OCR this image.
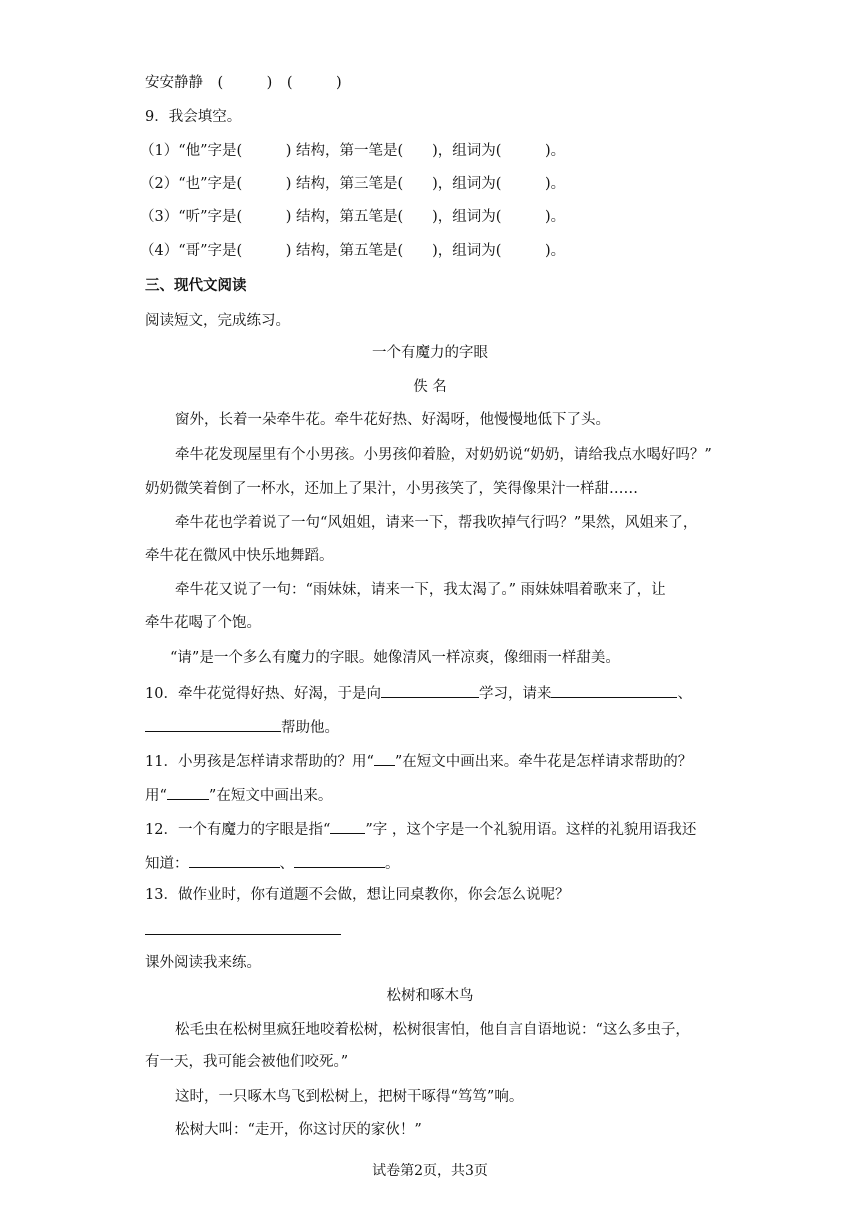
安安静静　(　　　)　(　　　)
9．我会填空。
（1）“他”字是(　　　) 结构，第一笔是(　　)，组词为(　　　)。
（2）“也”字是(　　　) 结构，第三笔是(　　)，组词为(　　　)。
（3）“听”字是(　　　) 结构，第五笔是(　　)，组词为(　　　)。
（4）“哥”字是(　　　) 结构，第五笔是(　　)，组词为(　　　)。
三、现代文阅读
阅读短文，完成练习。
一个有魔力的字眼
佚 名
窗外，长着一朵牵牛花。牵牛花好热、好渴呀，他慢慢地低下了头。
牵牛花发现屋里有个小男孩。小男孩仰着脸，对奶奶说“奶奶，请给我点水喝好吗？”
奶奶微笑着倒了一杯水，还加上了果汁，小男孩笑了，笑得像果汁一样甜……
牵牛花也学着说了一句“风姐姐，请来一下，帮我吹掉气行吗？”果然，风姐来了，
牵牛花在微风中快乐地舞蹈。
牵牛花又说了一句：“雨妹妹，请来一下，我太渴了。” 雨妹妹唱着歌来了，让
牵牛花喝了个饱。
“请”是一个多么有魔力的字眼。她像清风一样凉爽，像细雨一样甜美。
10．牵牛花觉得好热、好渴，于是向	学习，请来	、
帮助他。
11．小男孩是怎样请求帮助的？用“ ”在短文中画出来。牵牛花是怎样请求帮助的？
用“	”在短文中画出来。
12．一个有魔力的字眼是指“ ”字 ，这个字是一个礼貌用语。这样的礼貌用语我还
知道：	、	。
13．做作业时，你有道题不会做，想让同桌教你，你会怎么说呢？
课外阅读我来练。
松树和啄木鸟
松毛虫在松树里疯狂地咬着松树，松树很害怕，他自言自语地说：“这么多虫子，
有一天，我可能会被他们咬死。”
这时，一只啄木鸟飞到松树上，把树干啄得“笃笃”响。
松树大叫：“走开，你这讨厌的家伙！”
试卷第2页，共3页
